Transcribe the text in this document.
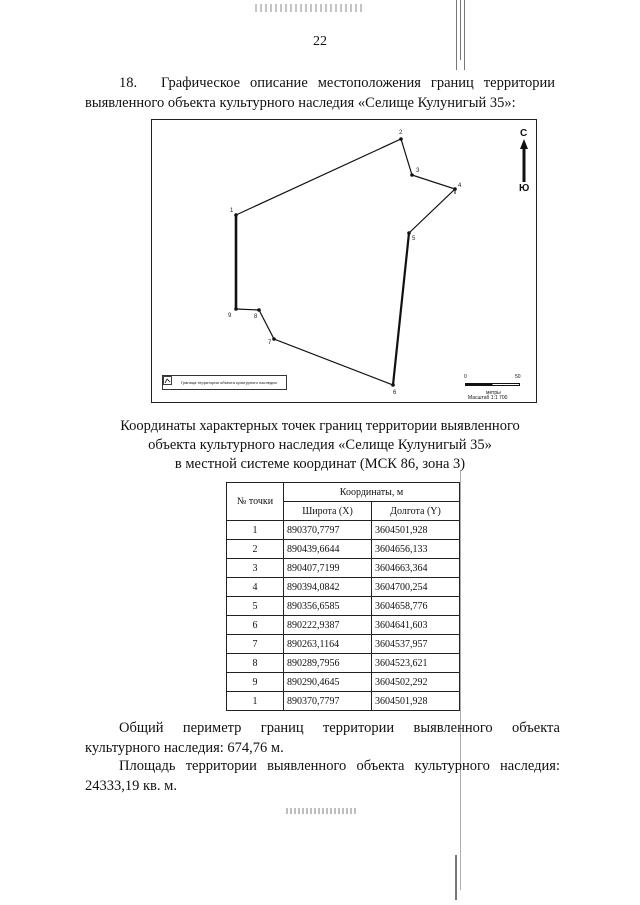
22
18. Графическое описание местоположения границ территории выявленного объекта культурного наследия «Селище Кулунигый 35»:
1
2
3
4
5
6
7
8
9
С
Ю
Граница территории объекта культурного наследия
0	50
метры
Масштаб 1:1 700
Координаты характерных точек границ территории выявленного
объекта культурного наследия «Селище Кулунигый 35»
в местной системе координат (МСК 86, зона 3)
№ точки	Координаты, м	
	Широта (X)	Долгота (Y)
1	890370,7797	3604501,928
2	890439,6644	3604656,133
3	890407,7199	3604663,364
4	890394,0842	3604700,254
5	890356,6585	3604658,776
6	890222,9387	3604641,603
7	890263,1164	3604537,957
8	890289,7956	3604523,621
9	890290,4645	3604502,292
1	890370,7797	3604501,928
Общий периметр границ территории выявленного объекта культурного наследия: 674,76 м.
Площадь территории выявленного объекта культурного наследия: 24333,19 кв. м.
